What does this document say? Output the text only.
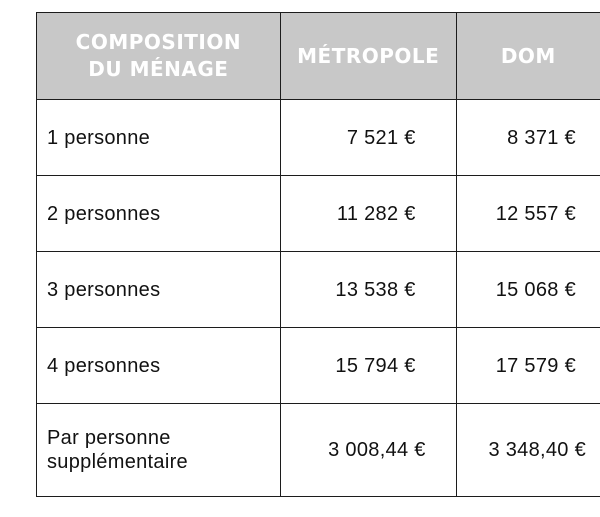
COMPOSITION
DU MÉNAGE	MÉTROPOLE	DOM
1 personne	7 521 €	8 371 €
2 personnes	11 282 €	12 557 €
3 personnes	13 538 €	15 068 €
4 personnes	15 794 €	17 579 €
Par personne
supplémentaire	3 008,44 €	3 348,40 €
